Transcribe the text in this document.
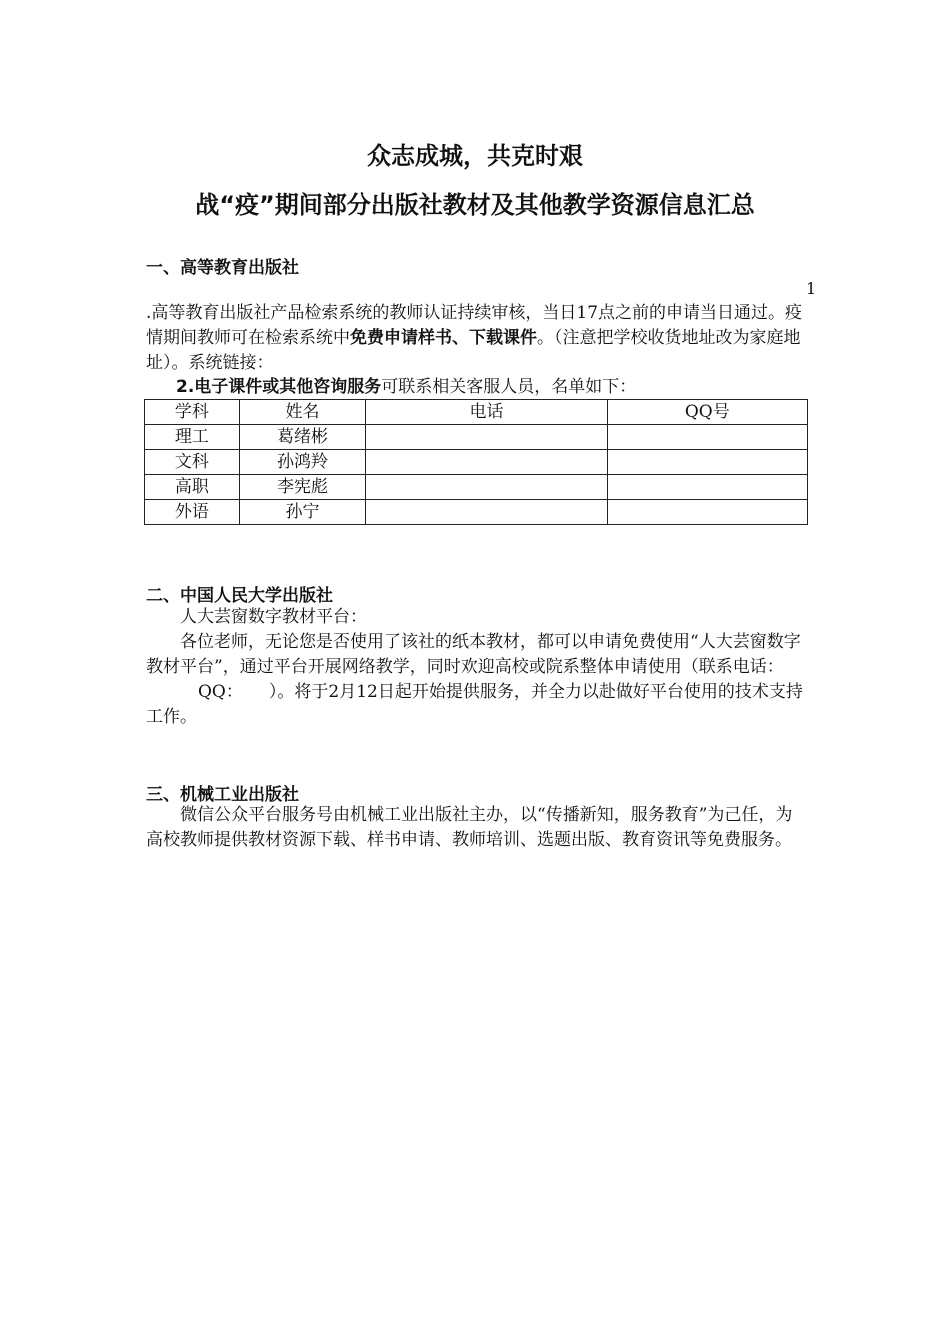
众志成城，共克时艰
战“疫”期间部分出版社教材及其他教学资源信息汇总
一、高等教育出版社
1
.高等教育出版社产品检索系统的教师认证持续审核，当日17点之前的申请当日通过。疫情期间教师可在检索系统中免费申请样书、下载课件。（注意把学校收货地址改为家庭地址）。系统链接：
2.电子课件或其他咨询服务可联系相关客服人员，名单如下：
学科	姓名	电话	QQ号
理工	葛绪彬		
文科	孙鸿羚		
高职	李宪彪		
外语	孙宁		
二、中国人民大学出版社
人大芸窗数字教材平台：
各位老师，无论您是否使用了该社的纸本教材，都可以申请免费使用“人大芸窗数字教材平台”，通过平台开展网络教学，同时欢迎高校或院系整体申请使用（联系电话：QQ： ）。将于2月12日起开始提供服务，并全力以赴做好平台使用的技术支持工作。
三、机械工业出版社
微信公众平台服务号由机械工业出版社主办，以“传播新知，服务教育”为己任，为高校教师提供教材资源下载、样书申请、教师培训、选题出版、教育资讯等免费服务。
